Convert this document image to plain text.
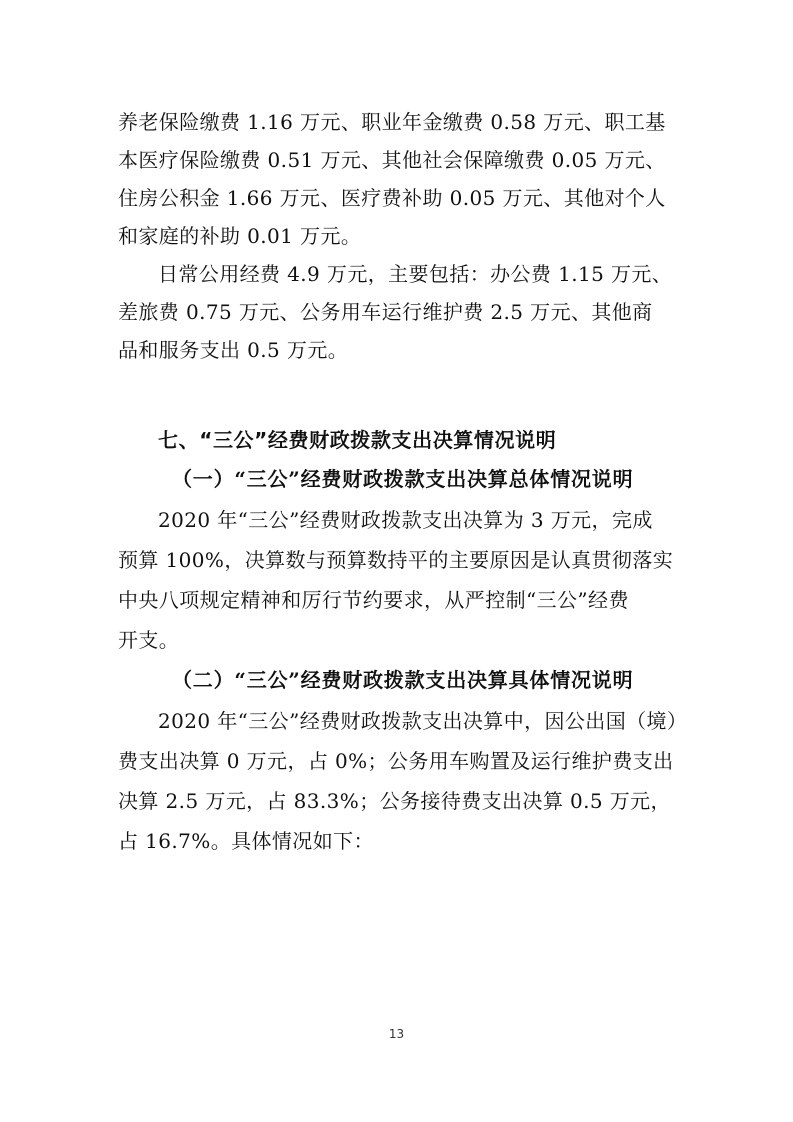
养老保险缴费 1.16 万元、职业年金缴费 0.58 万元、职工基
本医疗保险缴费 0.51 万元、其他社会保障缴费 0.05 万元、
住房公积金 1.66 万元、医疗费补助 0.05 万元、其他对个人
和家庭的补助 0.01 万元。
日常公用经费 4.9 万元，主要包括：办公费 1.15 万元、
差旅费 0.75 万元、公务用车运行维护费 2.5 万元、其他商
品和服务支出 0.5 万元。
七、“三公”经费财政拨款支出决算情况说明
（一）“三公”经费财政拨款支出决算总体情况说明
2020 年“三公”经费财政拨款支出决算为 3 万元，完成
预算 100%，决算数与预算数持平的主要原因是认真贯彻落实
中央八项规定精神和厉行节约要求，从严控制“三公”经费
开支。
（二）“三公”经费财政拨款支出决算具体情况说明
2020 年“三公”经费财政拨款支出决算中，因公出国（境）
费支出决算 0 万元，占 0%；公务用车购置及运行维护费支出
决算 2.5 万元，占 83.3%；公务接待费支出决算 0.5 万元，
占 16.7%。具体情况如下：
13
